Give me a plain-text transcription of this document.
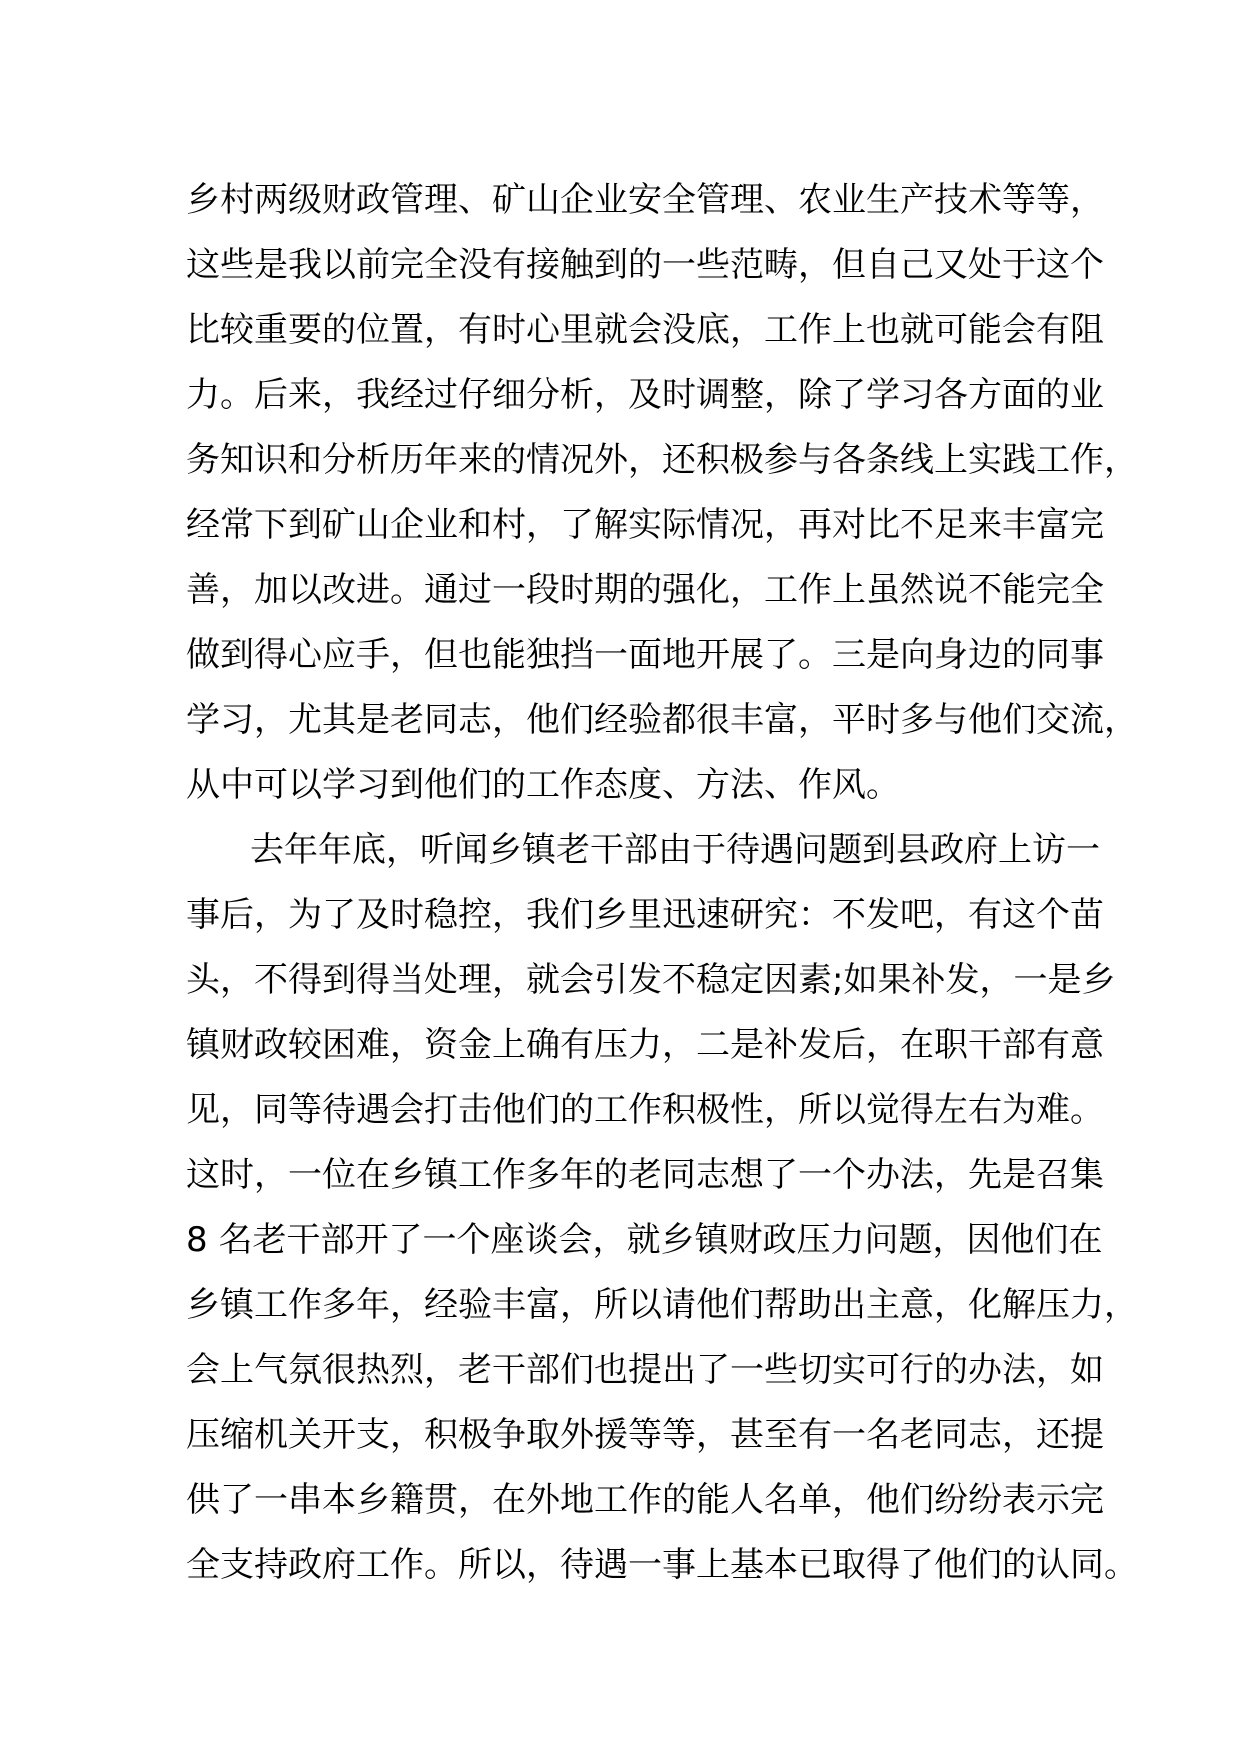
乡村两级财政管理、矿山企业安全管理、农业生产技术等等，
这些是我以前完全没有接触到的一些范畴，但自己又处于这个
比较重要的位置，有时心里就会没底，工作上也就可能会有阻
力。后来，我经过仔细分析，及时调整，除了学习各方面的业
务知识和分析历年来的情况外，还积极参与各条线上实践工作，
经常下到矿山企业和村，了解实际情况，再对比不足来丰富完
善，加以改进。通过一段时期的强化，工作上虽然说不能完全
做到得心应手，但也能独挡一面地开展了。三是向身边的同事
学习，尤其是老同志，他们经验都很丰富，平时多与他们交流，
从中可以学习到他们的工作态度、方法、作风。
去年年底，听闻乡镇老干部由于待遇问题到县政府上访一
事后，为了及时稳控，我们乡里迅速研究：不发吧，有这个苗
头，不得到得当处理，就会引发不稳定因素;如果补发，一是乡
镇财政较困难，资金上确有压力，二是补发后，在职干部有意
见，同等待遇会打击他们的工作积极性，所以觉得左右为难。
这时，一位在乡镇工作多年的老同志想了一个办法，先是召集
8 名老干部开了一个座谈会，就乡镇财政压力问题，因他们在
乡镇工作多年，经验丰富，所以请他们帮助出主意，化解压力，
会上气氛很热烈，老干部们也提出了一些切实可行的办法，如
压缩机关开支，积极争取外援等等，甚至有一名老同志，还提
供了一串本乡籍贯，在外地工作的能人名单，他们纷纷表示完
全支持政府工作。所以，待遇一事上基本已取得了他们的认同。
